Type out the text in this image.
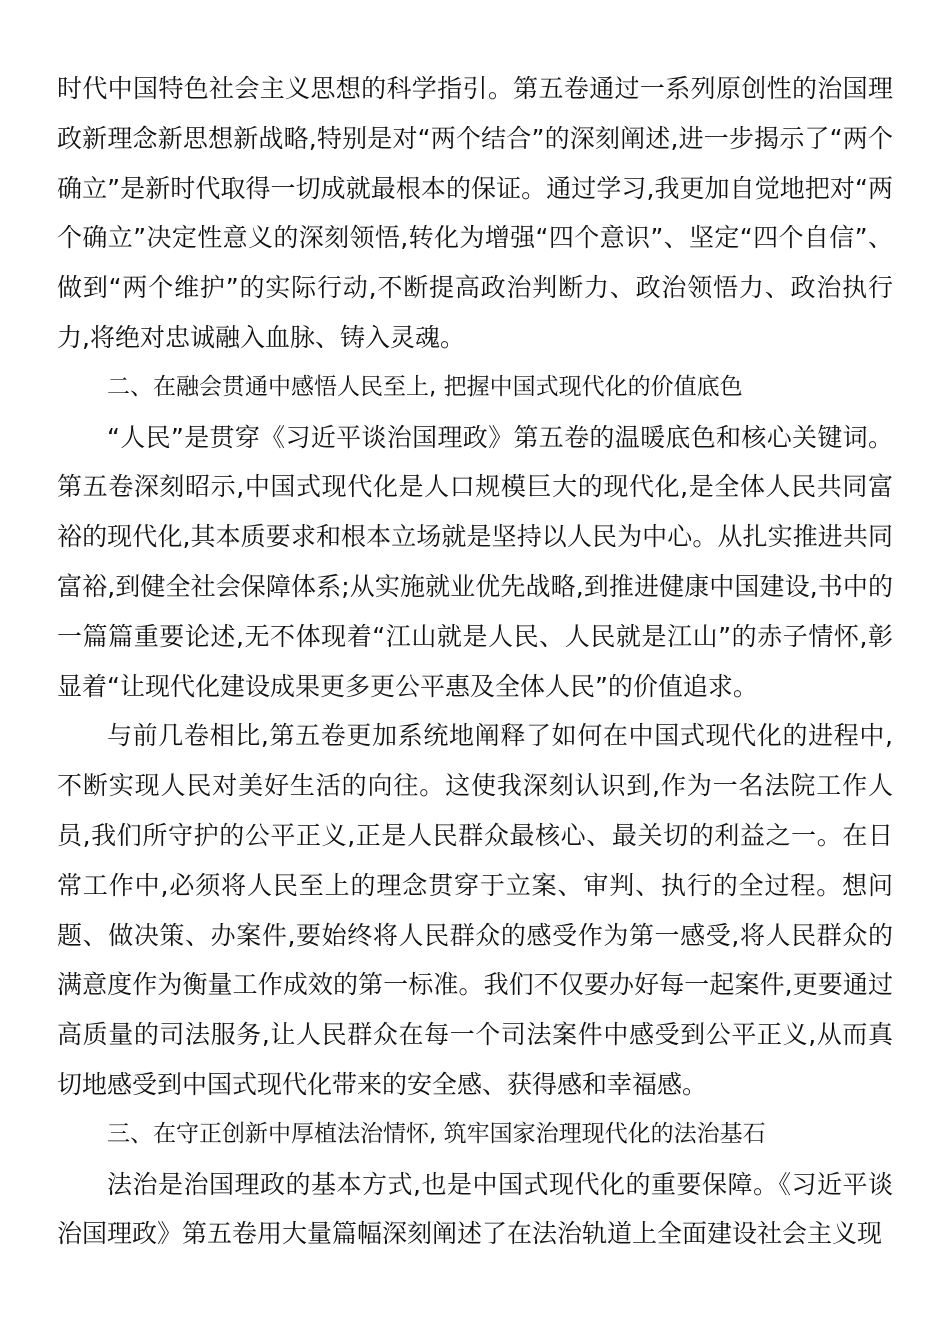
时代中国特色社会主义思想的科学指引。第五卷通过一系列原创性的治国理政新理念新思想新战略,特别是对“两个结合”的深刻阐述,进一步揭示了“两个确立”是新时代取得一切成就最根本的保证。通过学习,我更加自觉地把对“两个确立”决定性意义的深刻领悟,转化为增强“四个意识”、坚定“四个自信”、做到“两个维护”的实际行动,不断提高政治判断力、政治领悟力、政治执行力,将绝对忠诚融入血脉、铸入灵魂。

二、在融会贯通中感悟人民至上, 把握中国式现代化的价值底色

“人民”是贯穿《习近平谈治国理政》第五卷的温暖底色和核心关键词。第五卷深刻昭示,中国式现代化是人口规模巨大的现代化,是全体人民共同富裕的现代化,其本质要求和根本立场就是坚持以人民为中心。从扎实推进共同富裕,到健全社会保障体系;从实施就业优先战略,到推进健康中国建设,书中的一篇篇重要论述,无不体现着“江山就是人民、人民就是江山”的赤子情怀,彰显着“让现代化建设成果更多更公平惠及全体人民”的价值追求。

与前几卷相比,第五卷更加系统地阐释了如何在中国式现代化的进程中,不断实现人民对美好生活的向往。这使我深刻认识到,作为一名法院工作人员,我们所守护的公平正义,正是人民群众最核心、最关切的利益之一。在日常工作中,必须将人民至上的理念贯穿于立案、审判、执行的全过程。想问题、做决策、办案件,要始终将人民群众的感受作为第一感受,将人民群众的满意度作为衡量工作成效的第一标准。我们不仅要办好每一起案件,更要通过高质量的司法服务,让人民群众在每一个司法案件中感受到公平正义,从而真切地感受到中国式现代化带来的安全感、获得感和幸福感。

三、在守正创新中厚植法治情怀, 筑牢国家治理现代化的法治基石

法治是治国理政的基本方式,也是中国式现代化的重要保障。《习近平谈治国理政》第五卷用大量篇幅深刻阐述了在法治轨道上全面建设社会主义现
